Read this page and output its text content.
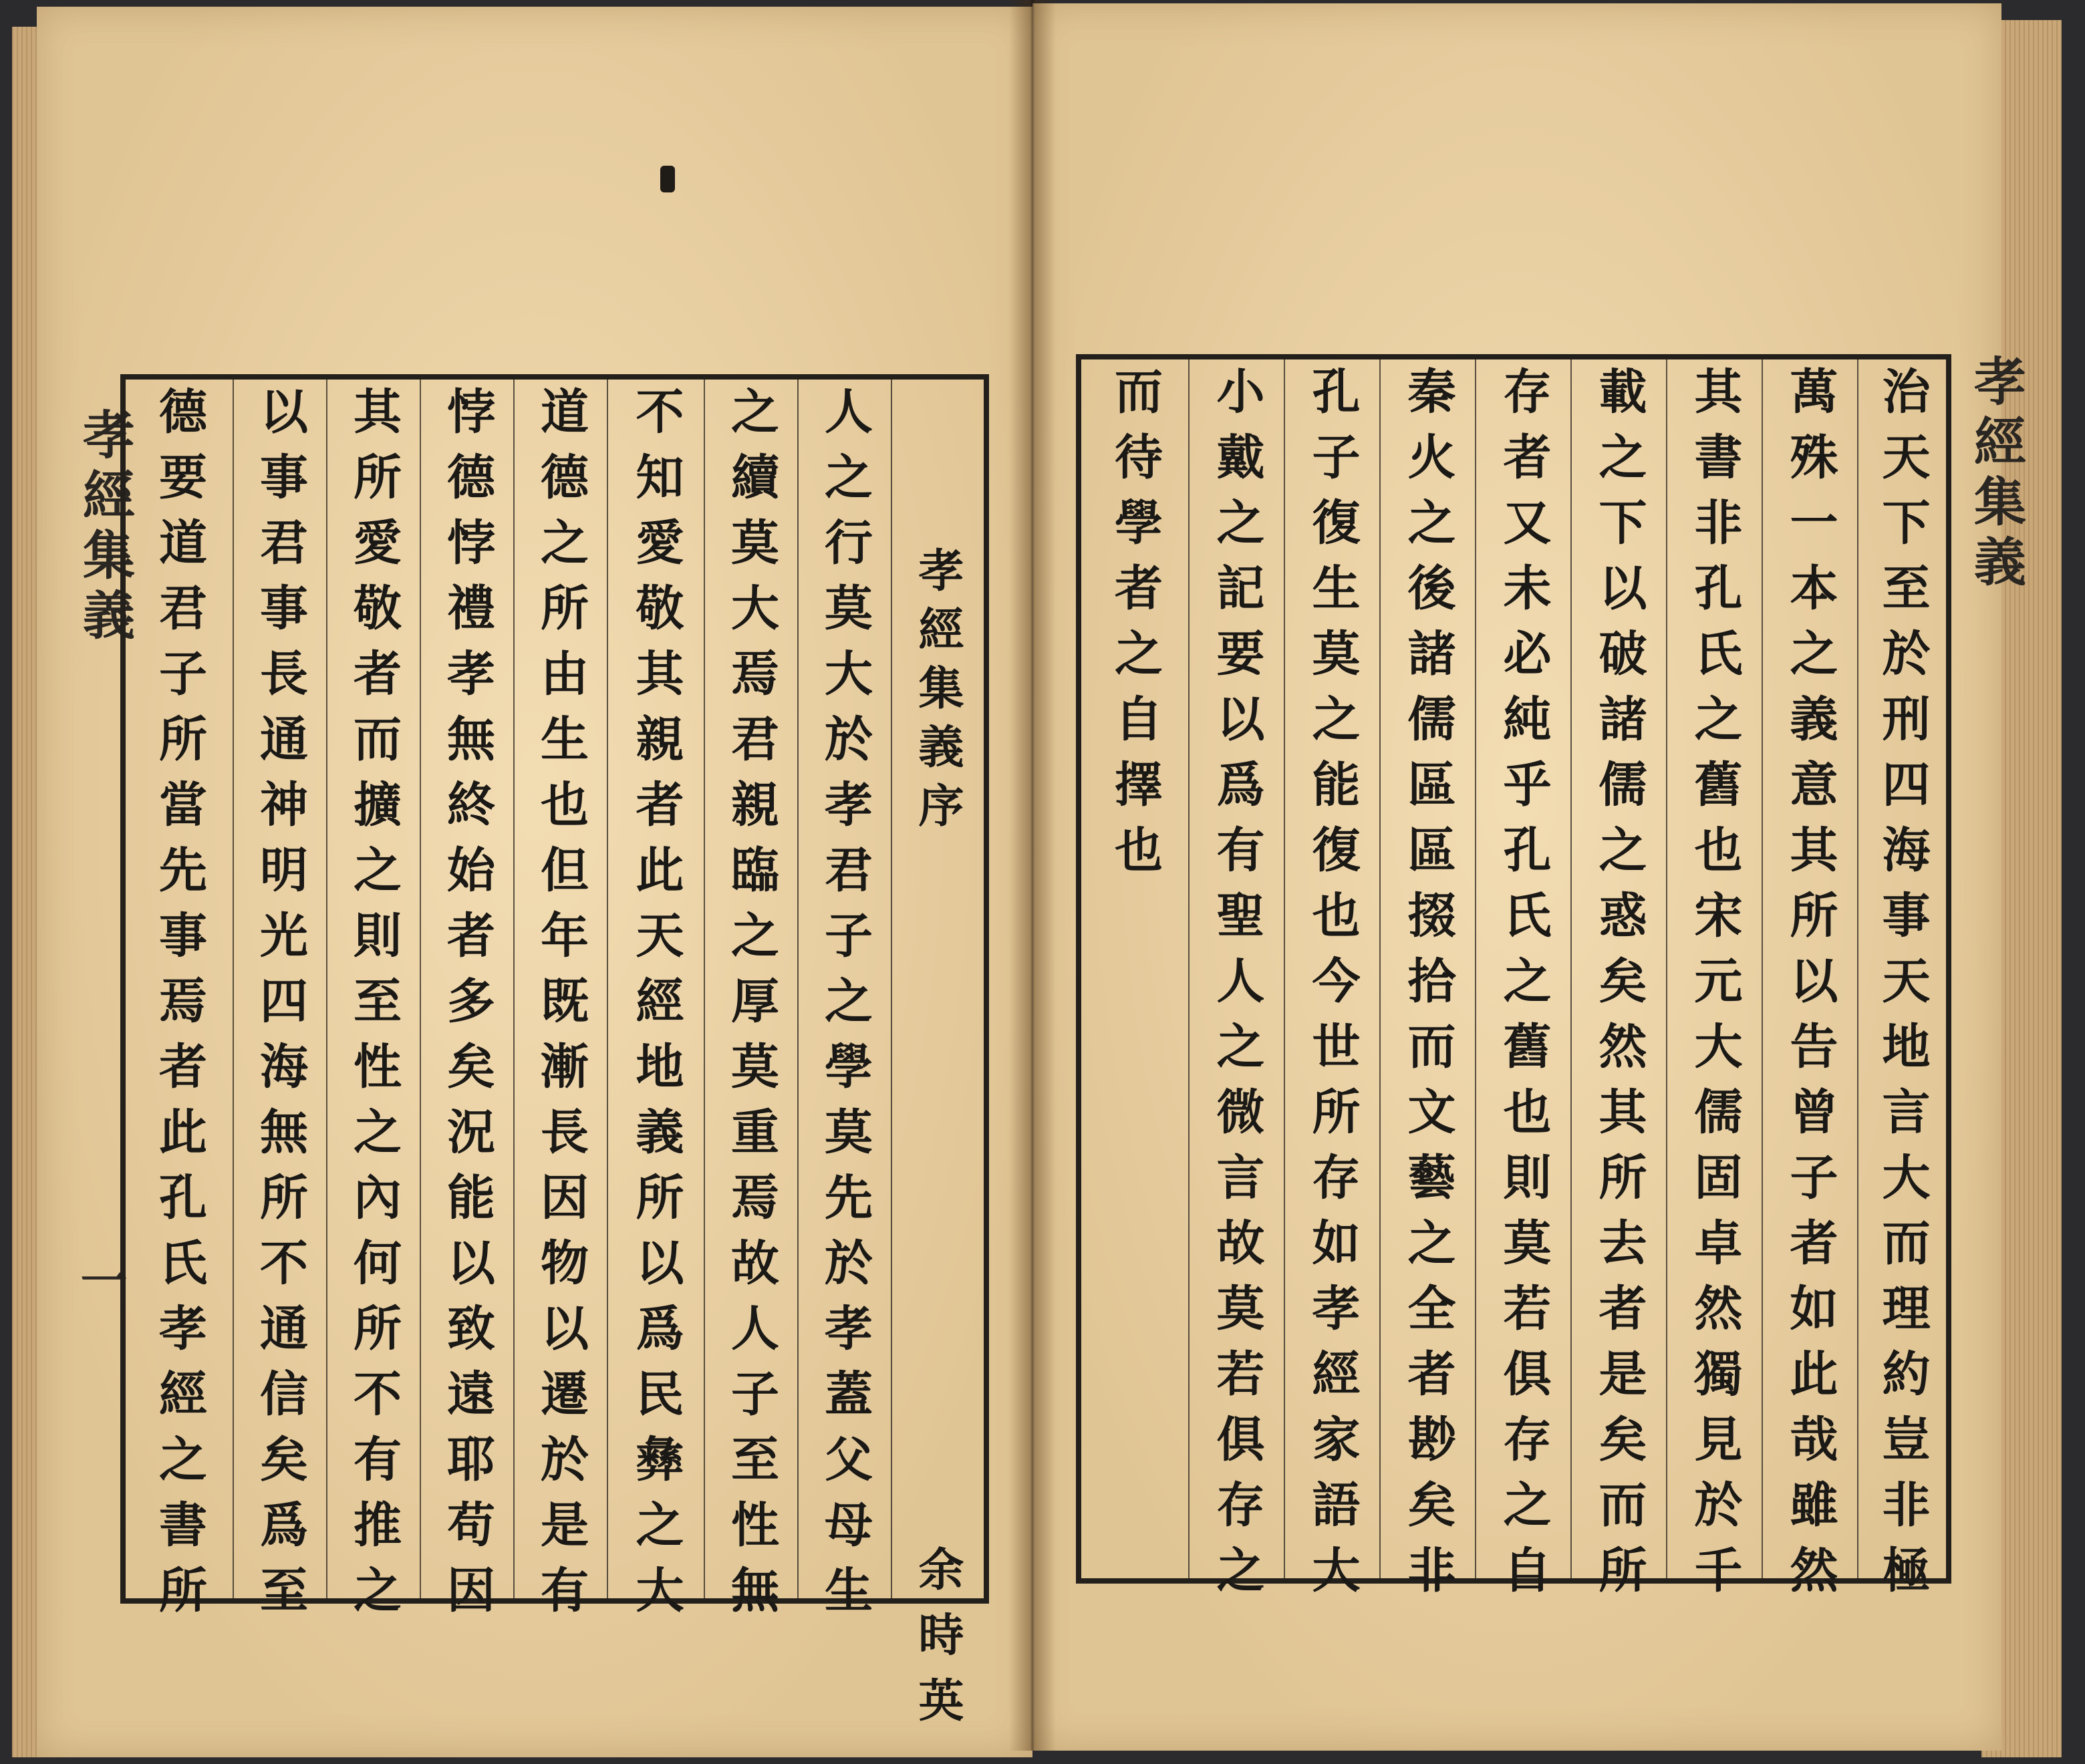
孝經集義
一 德要道君子所當先事焉者此孔氏孝經之書所 以事君事長通神明光四海無所不通信矣爲至 其所愛敬者而擴之則至性之內何所不有推之 悖德悖禮孝無終始者多矣況能以致遠耶苟因 道德之所由生也但年既漸長因物以遷於是有 不知愛敬其親者此天經地義所以爲民彝之大 之續莫大焉君親臨之厚莫重焉故人子至性無 人之行莫大於孝君子之學莫先於孝蓋父母生 孝經集義序
余時英
孝經集義
而待學者之自擇也 小戴之記要以爲有聖人之微言故莫若俱存之 孔子復生莫之能復也今世所存如孝經家語大 秦火之後諸儒區區掇拾而文藝之全者尠矣非 存者又未必純乎孔氏之舊也則莫若俱存之自 載之下以破諸儒之惑矣然其所去者是矣而所 其書非孔氏之舊也宋元大儒固卓然獨見於千 萬殊一本之義意其所以告曾子者如此哉雖然 治天下至於刑四海事天地言大而理約豈非極
